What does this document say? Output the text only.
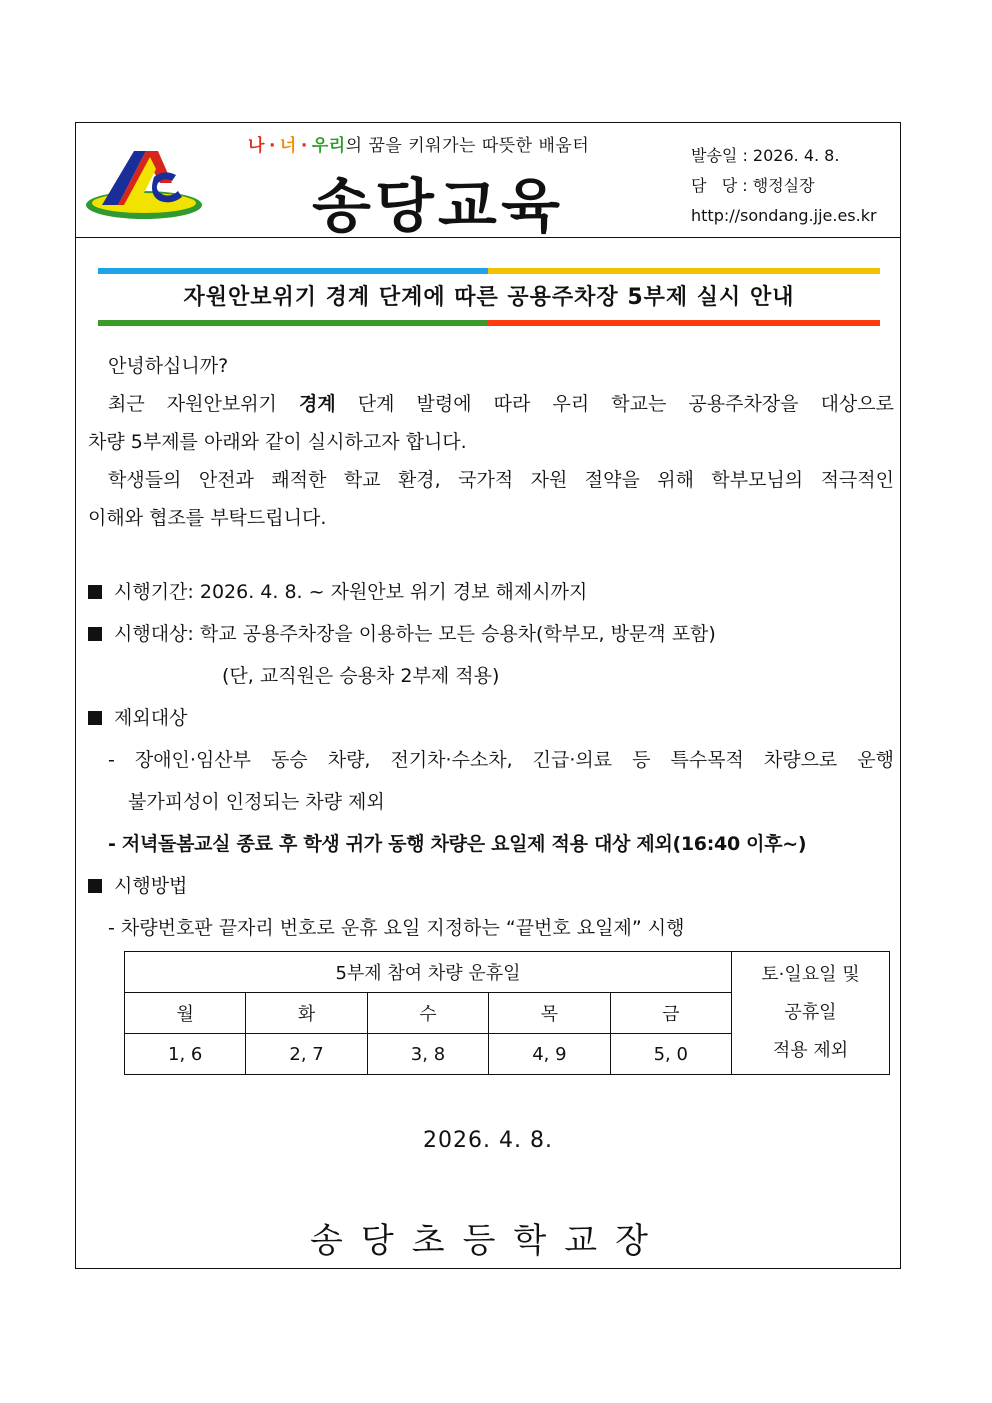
나 · 너 · 우리의 꿈을 키워가는 따뜻한 배움터
송당교육
발송일 : 2026. 4. 8.
담   당 : 행정실장
http://sondang.jje.es.kr
자원안보위기 경계 단계에 따른 공용주차장 5부제 실시 안내
안녕하십니까?
최근 자원안보위기 경계 단계 발령에 따라 우리 학교는 공용주차장을 대상으로
차량 5부제를 아래와 같이 실시하고자 합니다.
학생들의 안전과 쾌적한 학교 환경, 국가적 자원 절약을 위해 학부모님의 적극적인
이해와 협조를 부탁드립니다.
시행기간: 2026. 4. 8. ~ 자원안보 위기 경보 해제시까지
시행대상: 학교 공용주차장을 이용하는 모든 승용차(학부모, 방문객 포함)
(단, 교직원은 승용차 2부제 적용)
제외대상
- 장애인·임산부 동승 차량, 전기차·수소차, 긴급·의료 등 특수목적 차량으로 운행
불가피성이 인정되는 차량 제외
- 저녁돌봄교실 종료 후 학생 귀가 동행 차량은 요일제 적용 대상 제외(16:40 이후~)
시행방법
- 차량번호판 끝자리 번호로 운휴 요일 지정하는 “끝번호 요일제” 시행
5부제 참여 차량 운휴일					토·일요일 및
공휴일
적용 제외

월	화	수	목	금	
1, 6	2, 7	3, 8	4, 9	5, 0	
2026. 4. 8.
송당초등학교장
